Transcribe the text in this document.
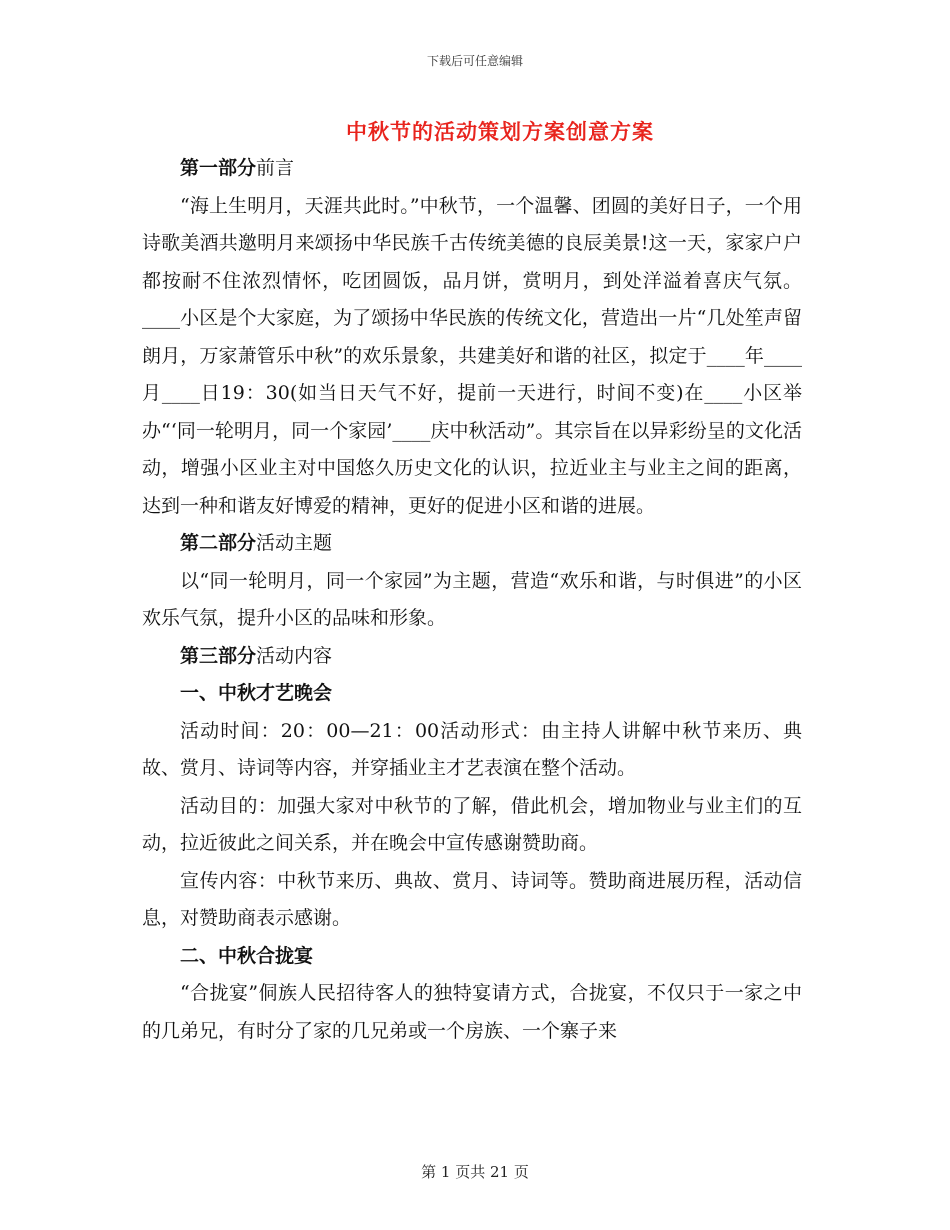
下载后可任意编辑
中秋节的活动策划方案创意方案

第一部分前言

“海上生明月，天涯共此时。”中秋节，一个温馨、团圆的美好日子，一个用诗歌美酒共邀明月来颂扬中华民族千古传统美德的良辰美景!这一天，家家户户都按耐不住浓烈情怀，吃团圆饭，品月饼，赏明月，到处洋溢着喜庆气氛。____小区是个大家庭，为了颂扬中华民族的传统文化，营造出一片“几处笙声留朗月，万家萧管乐中秋”的欢乐景象，共建美好和谐的社区，拟定于____年____月____日19：30(如当日天气不好，提前一天进行，时间不变)在____小区举办“‘同一轮明月，同一个家园’____庆中秋活动”。其宗旨在以异彩纷呈的文化活动，增强小区业主对中国悠久历史文化的认识，拉近业主与业主之间的距离，达到一种和谐友好博爱的精神，更好的促进小区和谐的进展。

第二部分活动主题

以“同一轮明月，同一个家园”为主题，营造“欢乐和谐，与时俱进”的小区欢乐气氛，提升小区的品味和形象。

第三部分活动内容

一、中秋才艺晚会

活动时间：20：00—21：00活动形式：由主持人讲解中秋节来历、典故、赏月、诗词等内容，并穿插业主才艺表演在整个活动。

活动目的：加强大家对中秋节的了解，借此机会，增加物业与业主们的互动，拉近彼此之间关系，并在晚会中宣传感谢赞助商。

宣传内容：中秋节来历、典故、赏月、诗词等。赞助商进展历程，活动信息，对赞助商表示感谢。

二、中秋合拢宴

“合拢宴”侗族人民招待客人的独特宴请方式，合拢宴，不仅只于一家之中的几弟兄，有时分了家的几兄弟或一个房族、一个寨子来

第 1 页共 21 页
